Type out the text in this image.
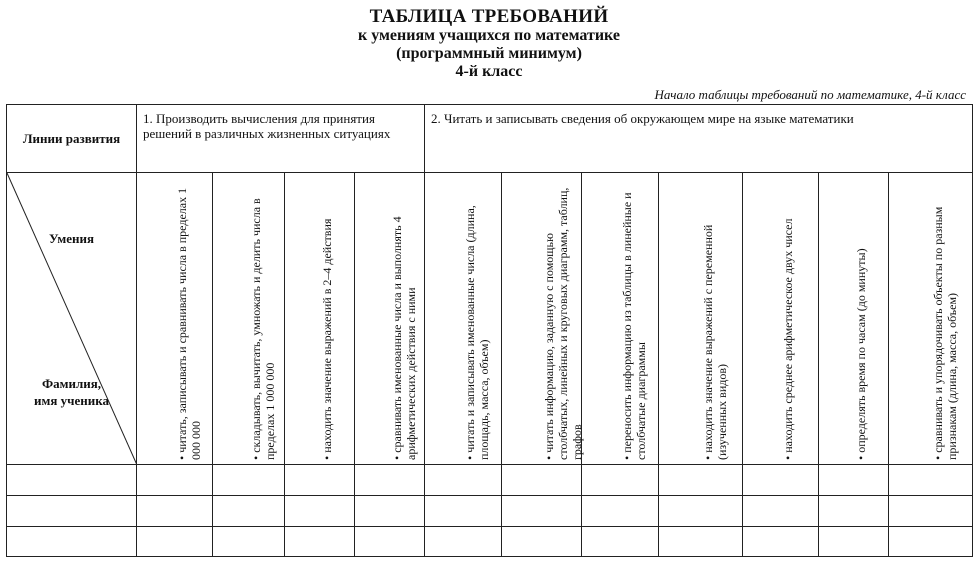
ТАБЛИЦА ТРЕБОВАНИЙ
к умениям учащихся по математике
(программный минимум)
4-й класс
Начало таблицы требований по математике, 4-й класс
Линии развития	1. Производить вычисления для принятия решений в различных жизненных ситуациях				2. Читать и записывать сведения об окружающем мире на языке математики						

Умения
Фамилия,
имя ученика	• читать, записывать и сравнивать числа в пределах 1 000 000	• складывать, вычитать, умножать и делить числа в пределах 1 000 000	• находить значение выражений в 2–4 действия	• сравнивать именованные числа и выполнять 4 арифметических действия с ними	• читать и записывать именованные числа (длина, площадь, масса, объем)	• читать информацию, заданную с помощью столбчатых, линейных и круговых диаграмм, таблиц, графов	• переносить информацию из таблицы в линейные и столбчатые диаграммы	• находить значение выражений с переменной (изученных видов)	• находить среднее арифметическое двух чисел	• определять время по часам (до минуты)	• сравнивать и упорядочивать объекты по разным признакам (длина, масса, объем)
